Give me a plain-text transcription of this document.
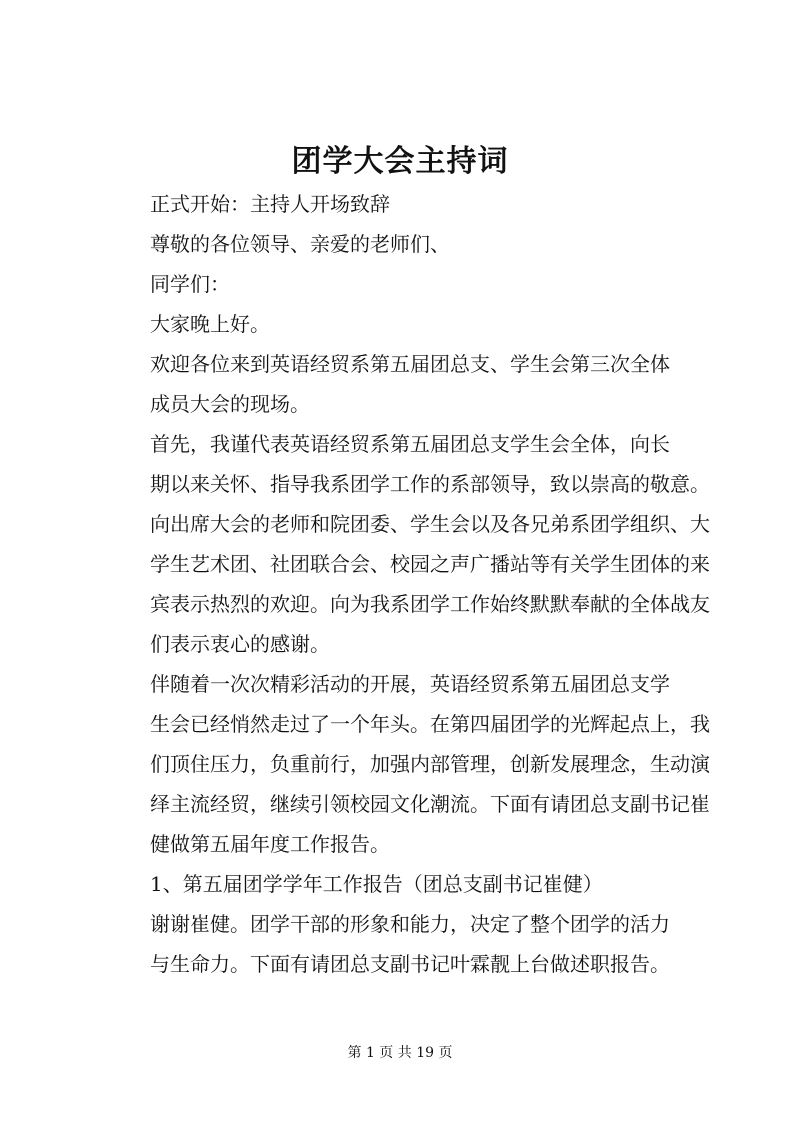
团学大会主持词

正式开始：主持人开场致辞

尊敬的各位领导、亲爱的老师们、

同学们：

大家晚上好。

欢迎各位来到英语经贸系第五届团总支、学生会第三次全体
成员大会的现场。

首先，我谨代表英语经贸系第五届团总支学生会全体，向长
期以来关怀、指导我系团学工作的系部领导，致以崇高的敬意。
向出席大会的老师和院团委、学生会以及各兄弟系团学组织、大
学生艺术团、社团联合会、校园之声广播站等有关学生团体的来
宾表示热烈的欢迎。向为我系团学工作始终默默奉献的全体战友
们表示衷心的感谢。

伴随着一次次精彩活动的开展，英语经贸系第五届团总支学
生会已经悄然走过了一个年头。在第四届团学的光辉起点上，我
们顶住压力，负重前行，加强内部管理，创新发展理念，生动演
绎主流经贸，继续引领校园文化潮流。下面有请团总支副书记崔
健做第五届年度工作报告。

1、第五届团学学年工作报告（团总支副书记崔健）

谢谢崔健。团学干部的形象和能力，决定了整个团学的活力
与生命力。下面有请团总支副书记叶霖靓上台做述职报告。

第 1 页 共 19 页
